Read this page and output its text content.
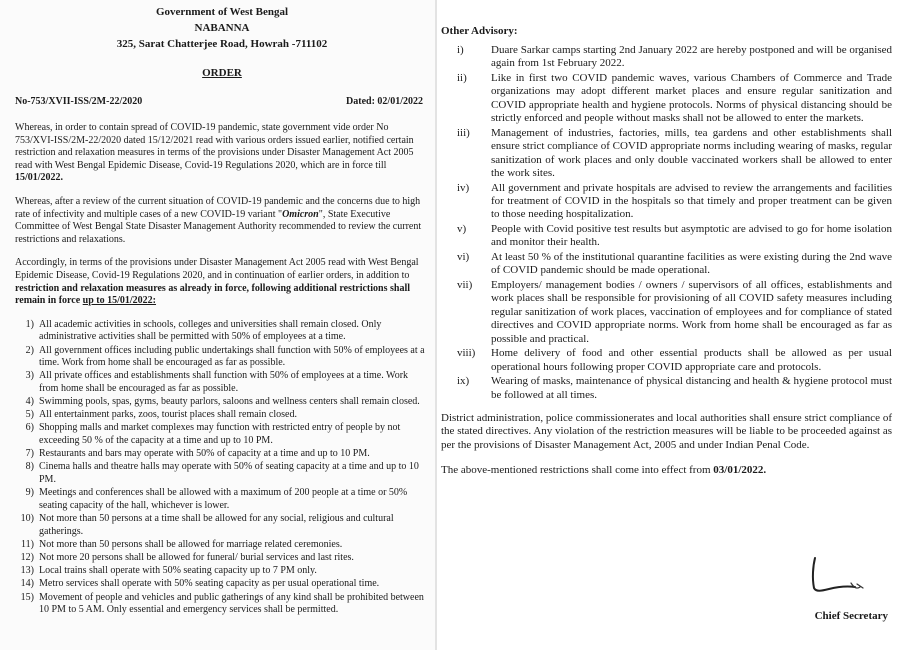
Government of West Bengal
NABANNA
325, Sarat Chatterjee Road, Howrah -711102
ORDER
No-753/XVII-ISS/2M-22/2020	Dated: 02/01/2022

Whereas, in order to contain spread of COVID-19 pandemic, state government vide order No 753/XVI-ISS/2M-22/2020 dated 15/12/2021 read with various orders issued earlier, notified certain restriction and relaxation measures in terms of the provisions under Disaster Management Act 2005 read with West Bengal Epidemic Disease, Covid-19 Regulations 2020, which are in force till 15/01/2022.

Whereas, after a review of the current situation of COVID-19 pandemic and the concerns due to high rate of infectivity and multiple cases of a new COVID-19 variant "Omicron", State Executive Committee of West Bengal State Disaster Management Authority recommended to review the current restrictions and relaxations.

Accordingly, in terms of the provisions under Disaster Management Act 2005 read with West Bengal Epidemic Disease, Covid-19 Regulations 2020, and in continuation of earlier orders, in addition to restriction and relaxation measures as already in force, following additional restrictions shall remain in force up to 15/01/2022:

1) All academic activities in schools, colleges and universities shall remain closed. Only administrative activities shall be permitted with 50% of employees at a time.
2) All government offices including public undertakings shall function with 50% of employees at a time. Work from home shall be encouraged as far as possible.
3) All private offices and establishments shall function with 50% of employees at a time. Work from home shall be encouraged as far as possible.
4) Swimming pools, spas, gyms, beauty parlors, saloons and wellness centers shall remain closed.
5) All entertainment parks, zoos, tourist places shall remain closed.
6) Shopping malls and market complexes may function with restricted entry of people by not exceeding 50 % of the capacity at a time and up to 10 PM.
7) Restaurants and bars may operate with 50% of capacity at a time and up to 10 PM.
8) Cinema halls and theatre halls may operate with 50% of seating capacity at a time and up to 10 PM.
9) Meetings and conferences shall be allowed with a maximum of 200 people at a time or 50% seating capacity of the hall, whichever is lower.
10) Not more than 50 persons at a time shall be allowed for any social, religious and cultural gatherings.
11) Not more than 50 persons shall be allowed for marriage related ceremonies.
12) Not more 20 persons shall be allowed for funeral/ burial services and last rites.
13) Local trains shall operate with 50% seating capacity up to 7 PM only.
14) Metro services shall operate with 50% seating capacity as per usual operational time.
15) Movement of people and vehicles and public gatherings of any kind shall be prohibited between 10 PM to 5 AM. Only essential and emergency services shall be permitted.
Other Advisory:
i)	Duare Sarkar camps starting 2nd January 2022 are hereby postponed and will be organised again from 1st February 2022.
ii)	Like in first two COVID pandemic waves, various Chambers of Commerce and Trade organizations may adopt different market places and ensure regular sanitization and COVID appropriate health and hygiene protocols. Norms of physical distancing should be strictly enforced and people without masks shall not be allowed to enter the markets.
iii)	Management of industries, factories, mills, tea gardens and other establishments shall ensure strict compliance of COVID appropriate norms including wearing of masks, regular sanitization of work places and only double vaccinated workers shall be allowed to enter the work sites.
iv)	All government and private hospitals are advised to review the arrangements and facilities for treatment of COVID in the hospitals so that timely and proper treatment can be given to those needing hospitalization.
v)	People with Covid positive test results but asymptotic are advised to go for home isolation and monitor their health.
vi)	At least 50 % of the institutional quarantine facilities as were existing during the 2nd wave of COVID pandemic should be made operational.
vii)	Employers/ management bodies / owners / supervisors of all offices, establishments and work places shall be responsible for provisioning of all COVID safety measures including regular sanitization of work places, vaccination of employees and for compliance of stated directives and COVID appropriate norms. Work from home shall be encouraged as far as possible and practical.
viii)	Home delivery of food and other essential products shall be allowed as per usual operational hours following proper COVID appropriate care and protocols.
ix)	Wearing of masks, maintenance of physical distancing and health & hygiene protocol must be followed at all times.

District administration, police commissionerates and local authorities shall ensure strict compliance of the stated directives. Any violation of the restriction measures will be liable to be proceeded against as per the provisions of Disaster Management Act, 2005 and under Indian Penal Code.

The above-mentioned restrictions shall come into effect from 03/01/2022.

Chief Secretary
